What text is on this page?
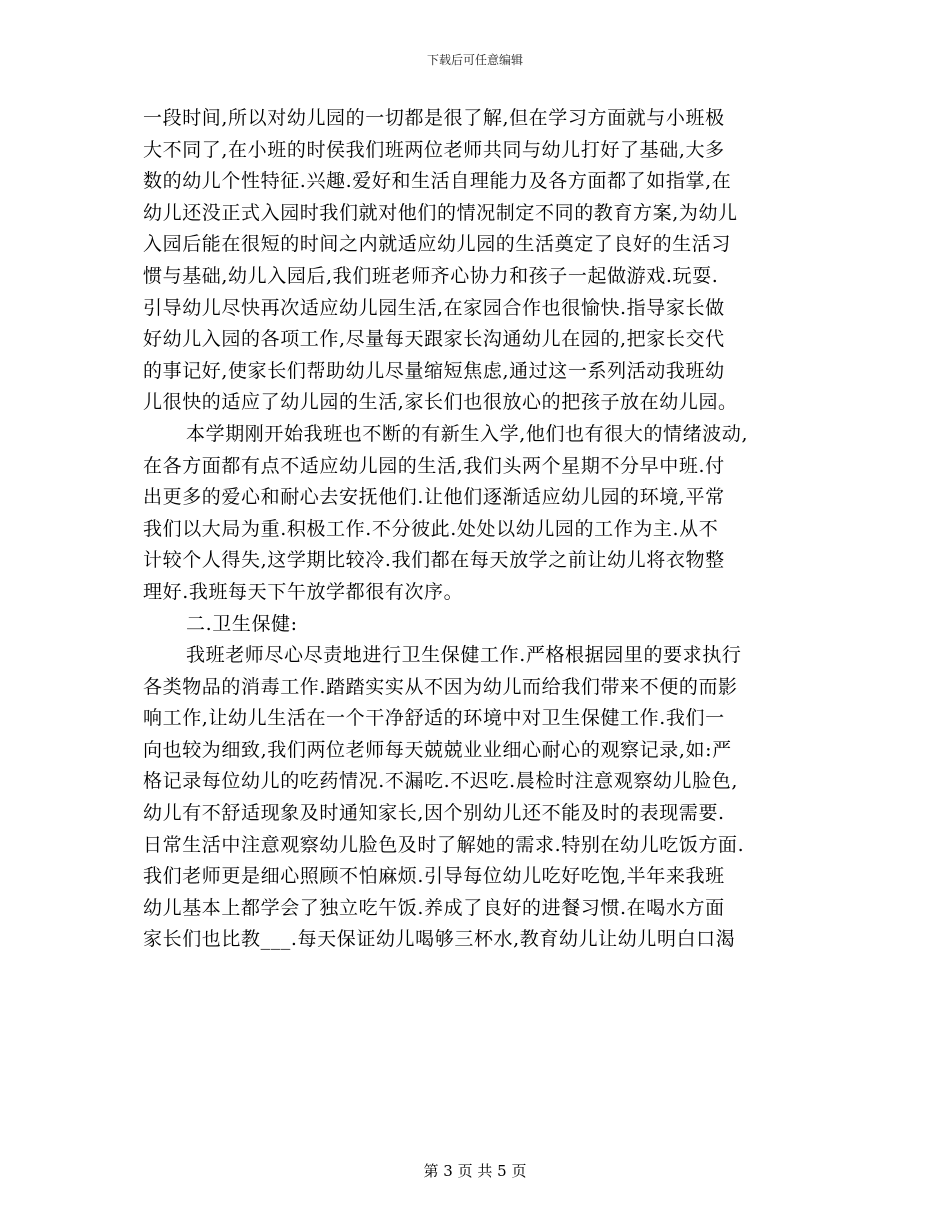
下载后可任意编辑
一段时间,所以对幼儿园的一切都是很了解,但在学习方面就与小班极
大不同了,在小班的时侯我们班两位老师共同与幼儿打好了基础,大多
数的幼儿个性特征.兴趣.爱好和生活自理能力及各方面都了如指掌,在
幼儿还没正式入园时我们就对他们的情况制定不同的教育方案,为幼儿
入园后能在很短的时间之内就适应幼儿园的生活奠定了良好的生活习
惯与基础,幼儿入园后,我们班老师齐心协力和孩子一起做游戏.玩耍.
引导幼儿尽快再次适应幼儿园生活,在家园合作也很愉快.指导家长做
好幼儿入园的各项工作,尽量每天跟家长沟通幼儿在园的,把家长交代
的事记好,使家长们帮助幼儿尽量缩短焦虑,通过这一系列活动我班幼
儿很快的适应了幼儿园的生活,家长们也很放心的把孩子放在幼儿园。
本学期刚开始我班也不断的有新生入学,他们也有很大的情绪波动,
在各方面都有点不适应幼儿园的生活,我们头两个星期不分早中班.付
出更多的爱心和耐心去安抚他们.让他们逐渐适应幼儿园的环境,平常
我们以大局为重.积极工作.不分彼此.处处以幼儿园的工作为主.从不
计较个人得失,这学期比较冷.我们都在每天放学之前让幼儿将衣物整
理好.我班每天下午放学都很有次序。
二.卫生保健:
我班老师尽心尽责地进行卫生保健工作.严格根据园里的要求执行
各类物品的消毒工作.踏踏实实从不因为幼儿而给我们带来不便的而影
响工作,让幼儿生活在一个干净舒适的环境中对卫生保健工作.我们一
向也较为细致,我们两位老师每天兢兢业业细心耐心的观察记录,如:严
格记录每位幼儿的吃药情况.不漏吃.不迟吃.晨检时注意观察幼儿脸色,
幼儿有不舒适现象及时通知家长,因个别幼儿还不能及时的表现需要.
日常生活中注意观察幼儿脸色及时了解她的需求.特别在幼儿吃饭方面.
我们老师更是细心照顾不怕麻烦.引导每位幼儿吃好吃饱,半年来我班
幼儿基本上都学会了独立吃午饭.养成了良好的进餐习惯.在喝水方面
家长们也比教___.每天保证幼儿喝够三杯水,教育幼儿让幼儿明白口渴
第 3 页 共 5 页
